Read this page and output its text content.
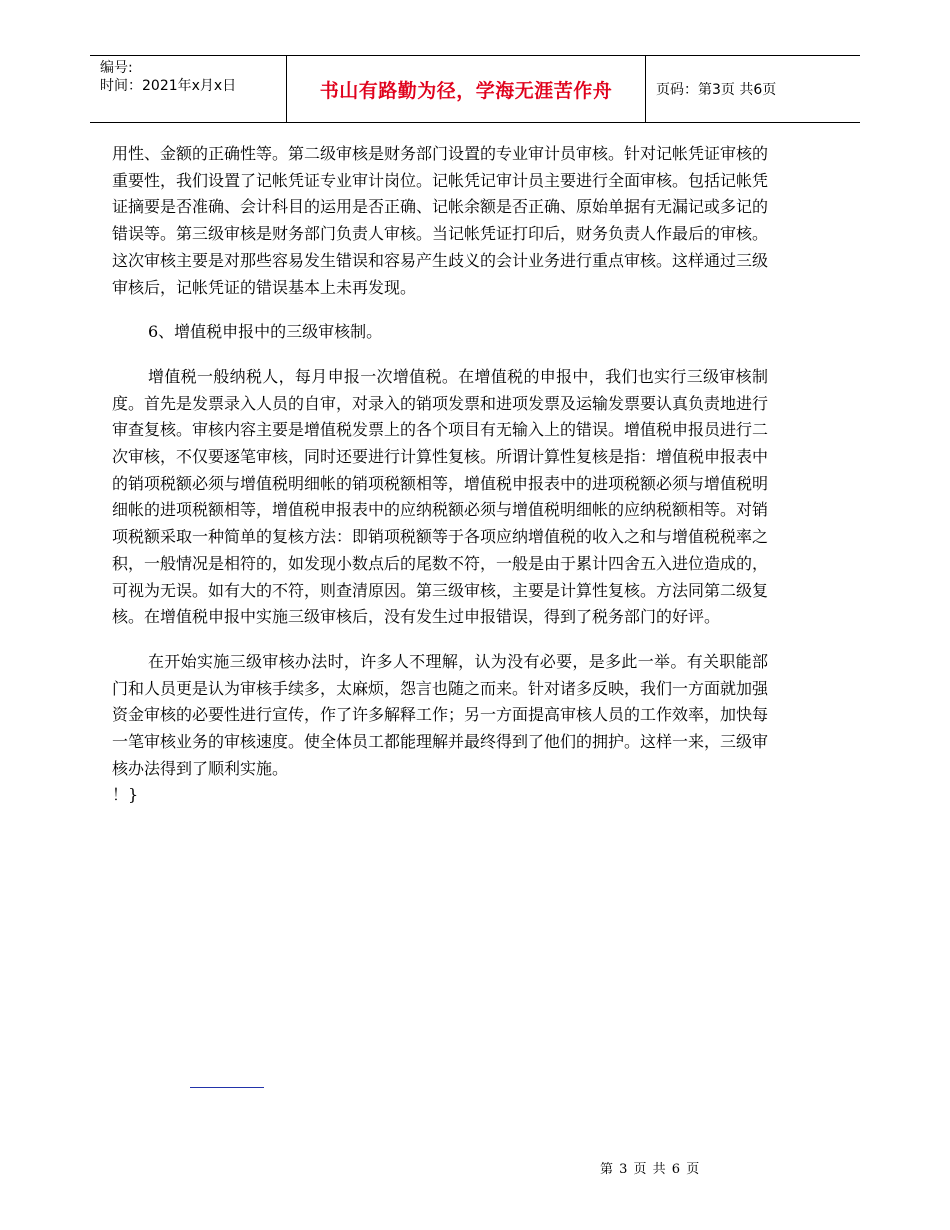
编号:
时间：2021年x月x日	书山有路勤为径，学海无涯苦作舟	页码：第3页 共6页

用性、金额的正确性等。第二级审核是财务部门设置的专业审计员审核。针对记帐凭证审核的重要性，我们设置了记帐凭证专业审计岗位。记帐凭记审计员主要进行全面审核。包括记帐凭证摘要是否准确、会计科目的运用是否正确、记帐余额是否正确、原始单据有无漏记或多记的错误等。第三级审核是财务部门负责人审核。当记帐凭证打印后，财务负责人作最后的审核。这次审核主要是对那些容易发生错误和容易产生歧义的会计业务进行重点审核。这样通过三级审核后，记帐凭证的错误基本上未再发现。

6、增值税申报中的三级审核制。

增值税一般纳税人，每月申报一次增值税。在增值税的申报中，我们也实行三级审核制度。首先是发票录入人员的自审，对录入的销项发票和进项发票及运输发票要认真负责地进行审查复核。审核内容主要是增值税发票上的各个项目有无输入上的错误。增值税申报员进行二次审核，不仅要逐笔审核，同时还要进行计算性复核。所谓计算性复核是指：增值税申报表中的销项税额必须与增值税明细帐的销项税额相等，增值税申报表中的进项税额必须与增值税明细帐的进项税额相等，增值税申报表中的应纳税额必须与增值税明细帐的应纳税额相等。对销项税额采取一种简单的复核方法：即销项税额等于各项应纳增值税的收入之和与增值税税率之积，一般情况是相符的，如发现小数点后的尾数不符，一般是由于累计四舍五入进位造成的，可视为无误。如有大的不符，则查清原因。第三级审核，主要是计算性复核。方法同第二级复核。在增值税申报中实施三级审核后，没有发生过申报错误，得到了税务部门的好评。

在开始实施三级审核办法时，许多人不理解，认为没有必要，是多此一举。有关职能部门和人员更是认为审核手续多，太麻烦，怨言也随之而来。针对诸多反映，我们一方面就加强资金审核的必要性进行宣传，作了许多解释工作；另一方面提高审核人员的工作效率，加快每一笔审核业务的审核速度。使全体员工都能理解并最终得到了他们的拥护。这样一来，三级审核办法得到了顺利实施。

！}

第 3 页 共 6 页
